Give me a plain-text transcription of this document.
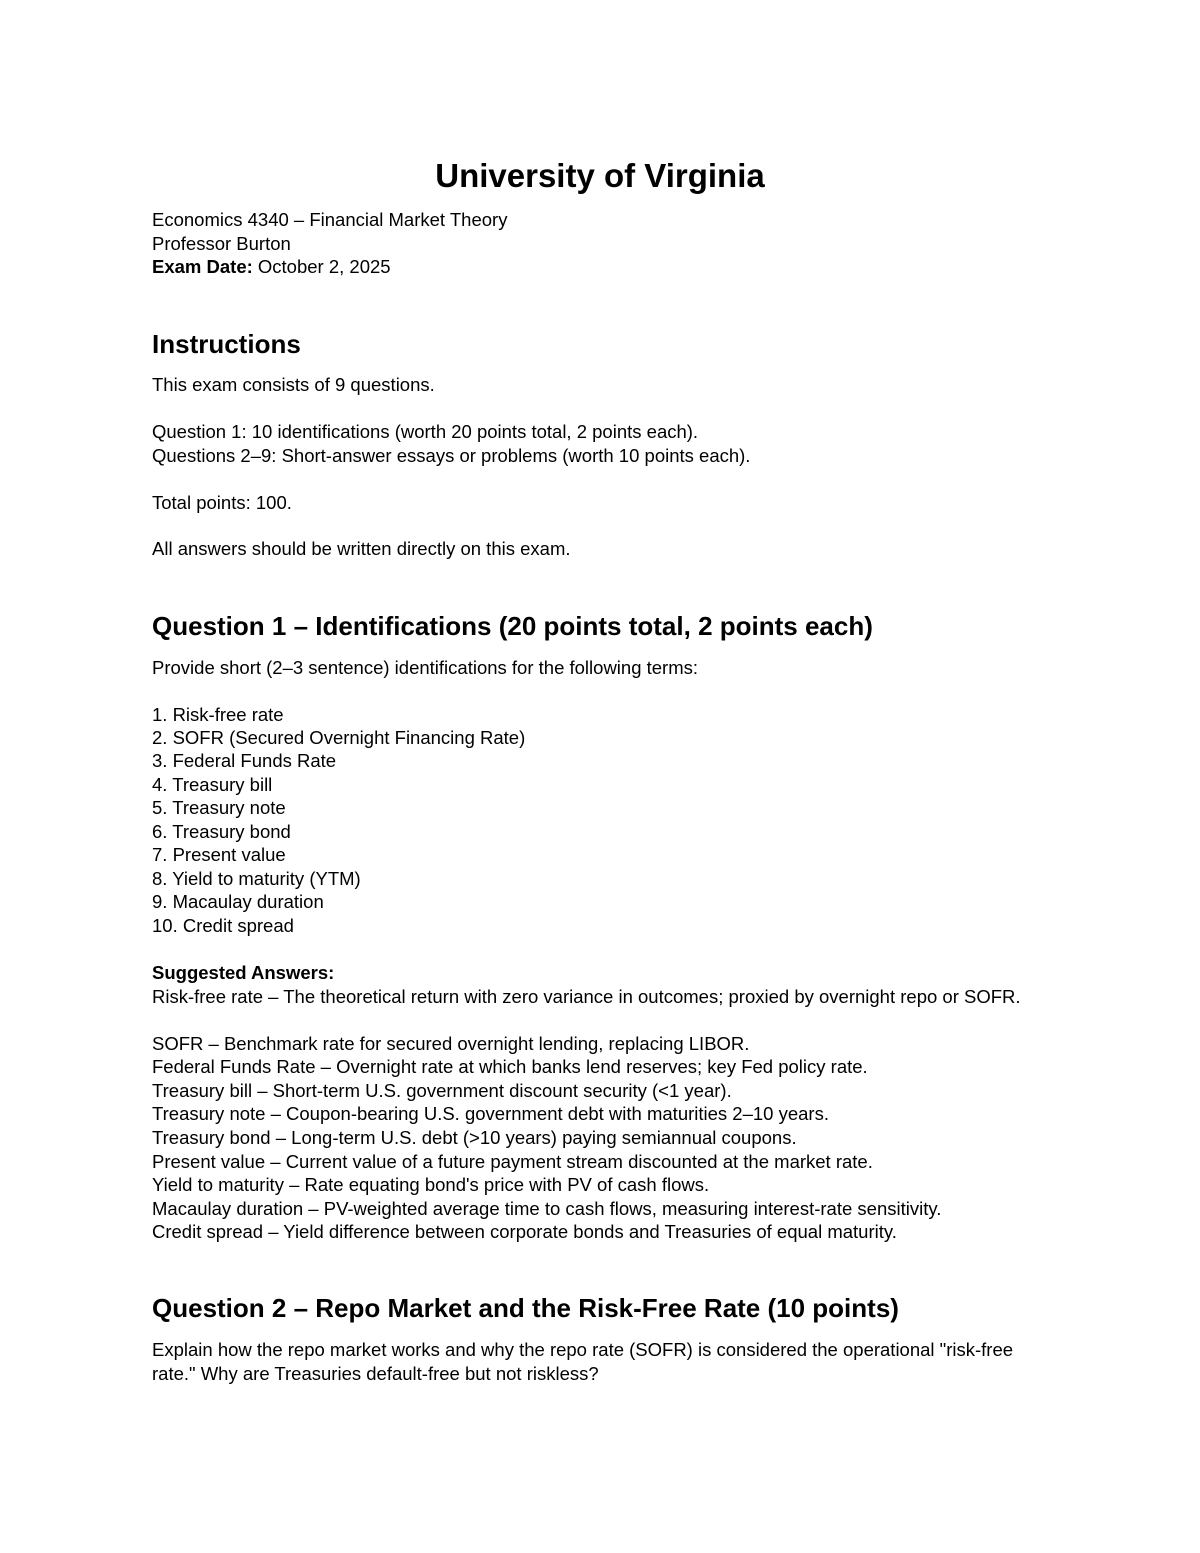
University of Virginia

Economics 4340 – Financial Market Theory

Professor Burton

Exam Date: October 2, 2025

Instructions

This exam consists of 9 questions.

Question 1: 10 identifications (worth 20 points total, 2 points each).

Questions 2–9: Short-answer essays or problems (worth 10 points each).

Total points: 100.

All answers should be written directly on this exam.

Question 1 – Identifications (20 points total, 2 points each)

Provide short (2–3 sentence) identifications for the following terms:

1. Risk-free rate

2. SOFR (Secured Overnight Financing Rate)

3. Federal Funds Rate

4. Treasury bill

5. Treasury note

6. Treasury bond

7. Present value

8. Yield to maturity (YTM)

9. Macaulay duration

10. Credit spread

Suggested Answers:

Risk-free rate – The theoretical return with zero variance in outcomes; proxied by overnight repo or SOFR.

SOFR – Benchmark rate for secured overnight lending, replacing LIBOR.

Federal Funds Rate – Overnight rate at which banks lend reserves; key Fed policy rate.

Treasury bill – Short-term U.S. government discount security (<1 year).

Treasury note – Coupon-bearing U.S. government debt with maturities 2–10 years.

Treasury bond – Long-term U.S. debt (>10 years) paying semiannual coupons.

Present value – Current value of a future payment stream discounted at the market rate.

Yield to maturity – Rate equating bond's price with PV of cash flows.

Macaulay duration – PV-weighted average time to cash flows, measuring interest-rate sensitivity.

Credit spread – Yield difference between corporate bonds and Treasuries of equal maturity.

Question 2 – Repo Market and the Risk-Free Rate (10 points)

Explain how the repo market works and why the repo rate (SOFR) is considered the operational "risk-free rate." Why are Treasuries default-free but not riskless?
